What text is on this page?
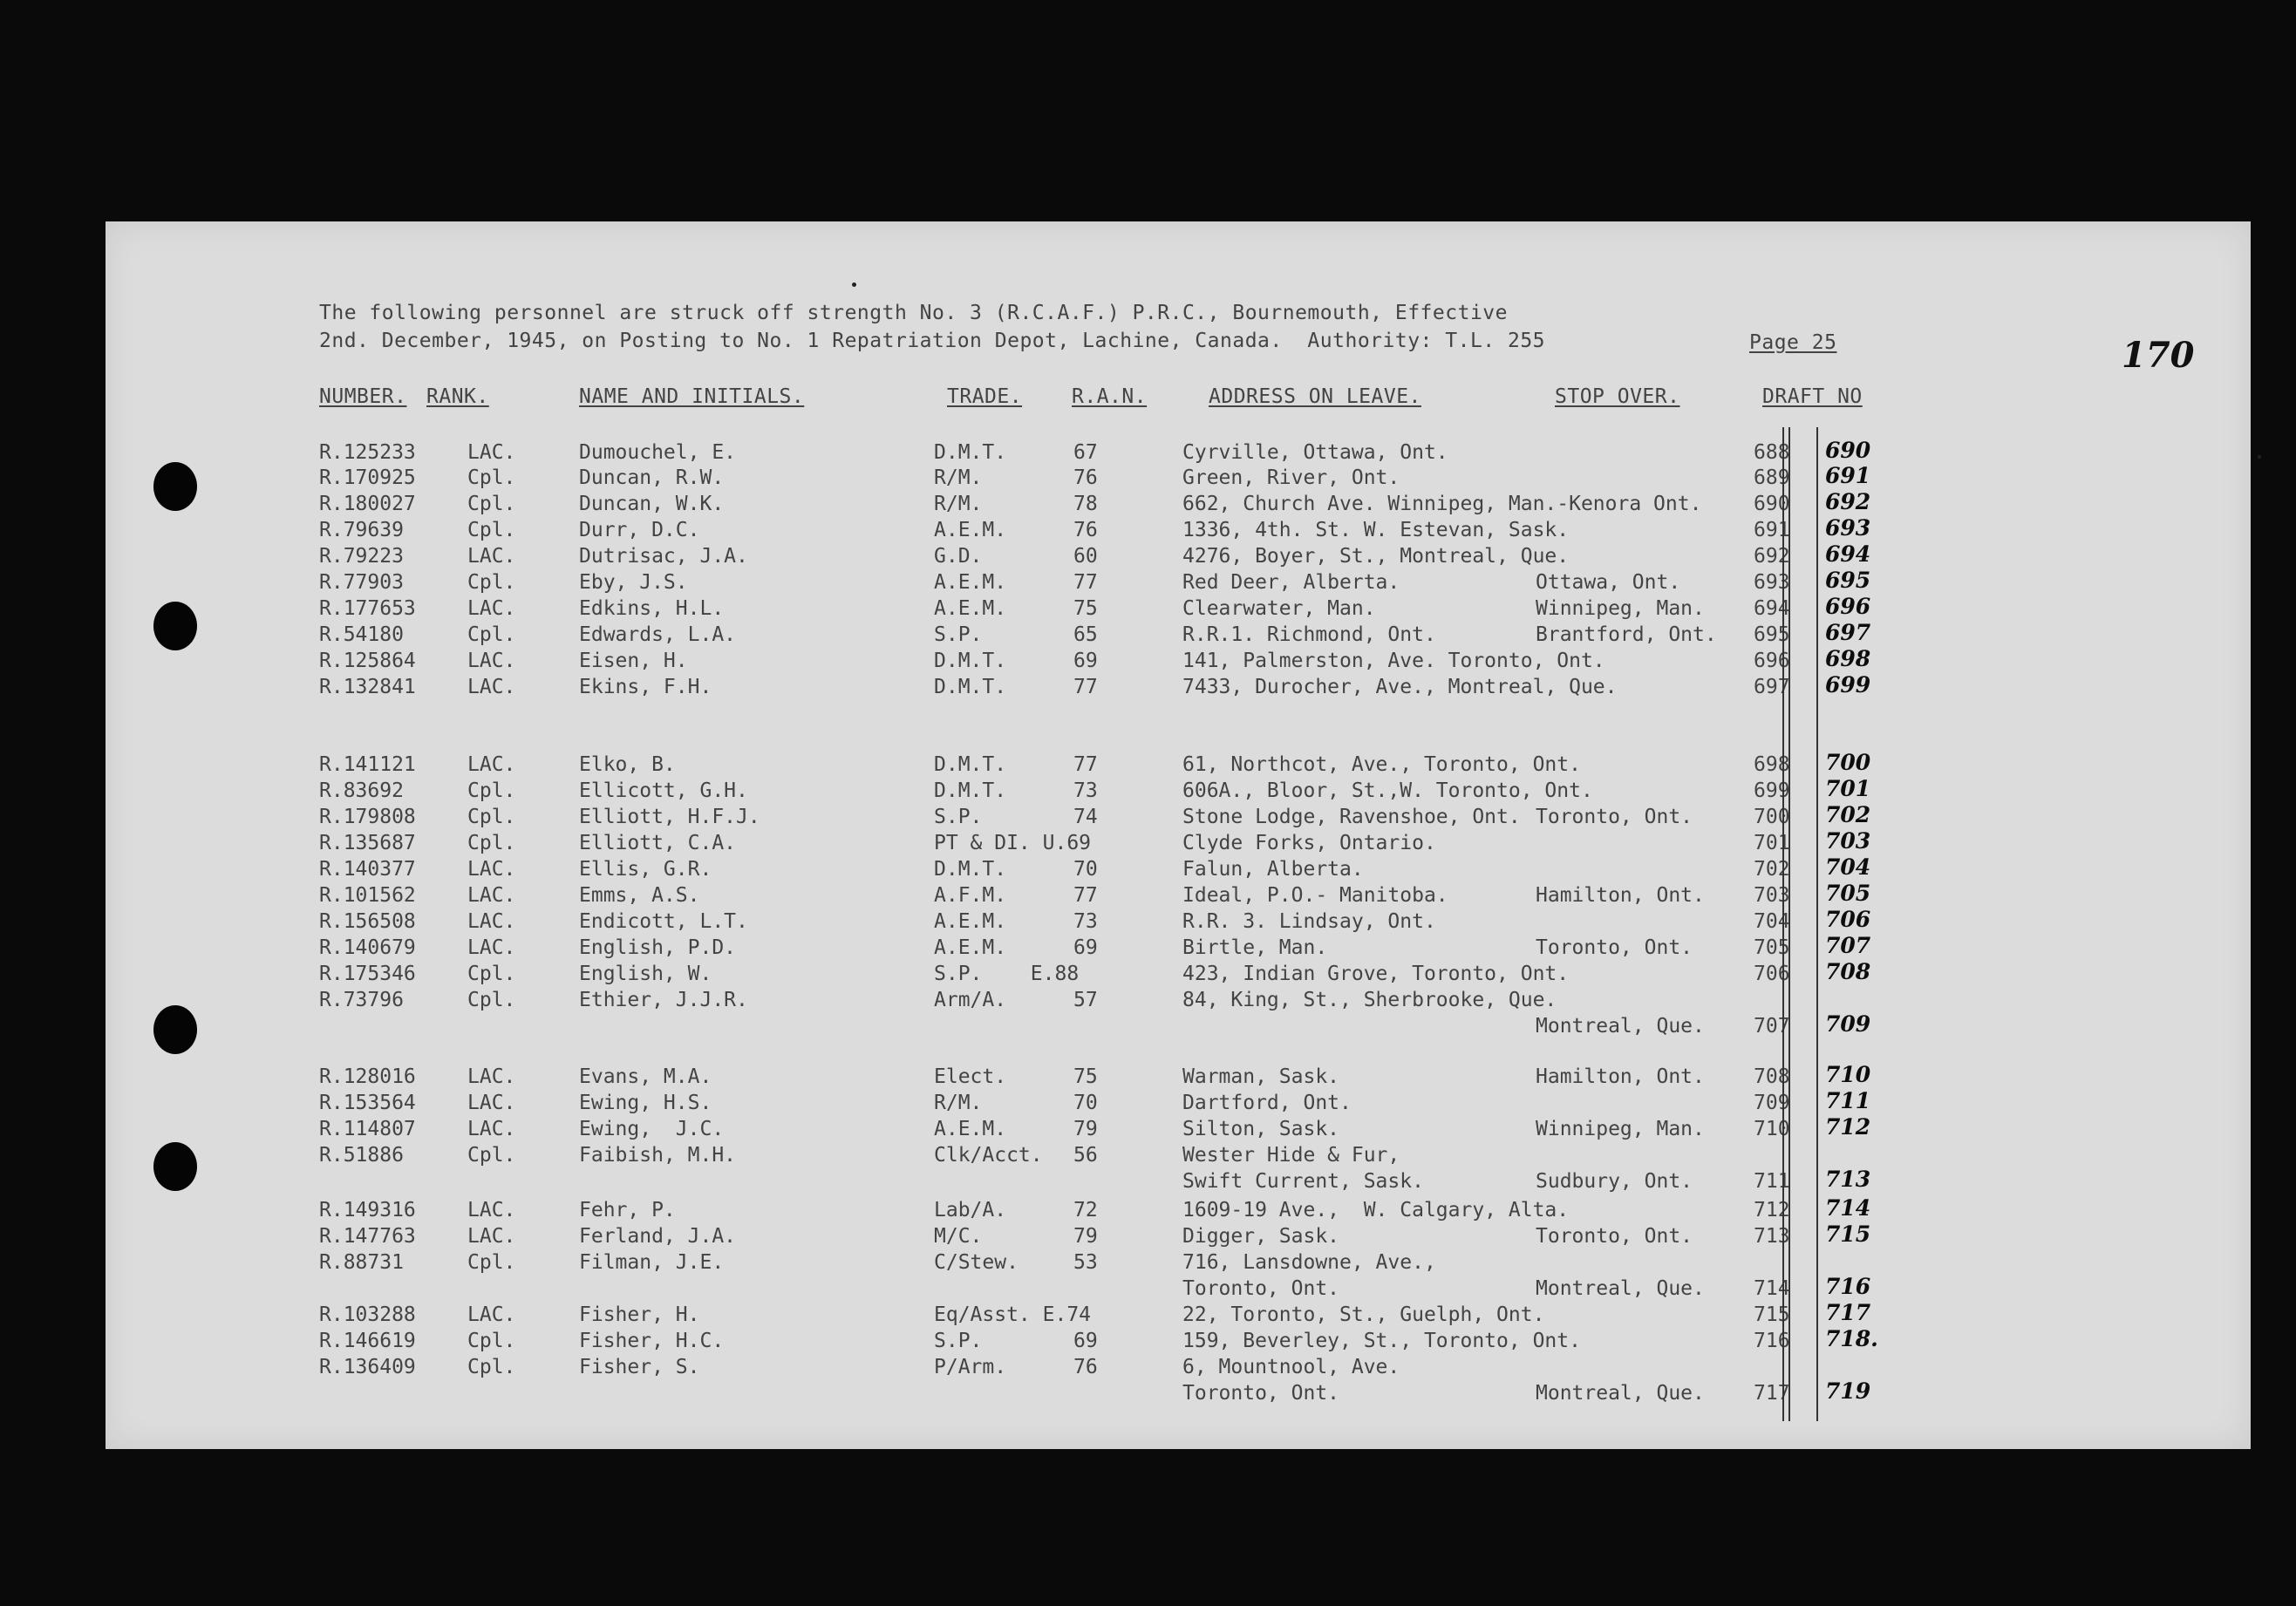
The following personnel are struck off strength No. 3 (R.C.A.F.) P.R.C., Bournemouth, Effective
2nd. December, 1945, on Posting to No. 1 Repatriation Depot, Lachine, Canada.  Authority: T.L. 255	Page 25	170
NUMBER. RANK.	NAME AND INITIALS.	TRADE. R.A.N.	ADDRESS ON LEAVE.	STOP OVER.	DRAFT NO
R.125233	LAC.	Dumouchel, E.	D.M.T.	67	Cyrville, Ottawa, Ont.	688 690
R.170925	Cpl.	Duncan, R.W.	R/M.	76	Green, River, Ont.	689 691
R.180027	Cpl.	Duncan, W.K.	R/M.	78	662, Church Ave. Winnipeg, Man.-Kenora Ont.	690 692
R.79639	Cpl.	Durr, D.C.	A.E.M.	76	1336, 4th. St. W. Estevan, Sask.	691 693
R.79223	LAC.	Dutrisac, J.A.	G.D.	60	4276, Boyer, St., Montreal, Que.	692 694
R.77903	Cpl.	Eby, J.S.	A.E.M.	77	Red Deer, Alberta.	Ottawa, Ont.	693 695
R.177653	LAC.	Edkins, H.L.	A.E.M.	75	Clearwater, Man.	Winnipeg, Man. 694 696
R.54180	Cpl.	Edwards, L.A.	S.P.	65	R.R.1. Richmond, Ont.	Brantford, Ont. 695 697
R.125864	LAC.	Eisen, H.	D.M.T.	69	141, Palmerston, Ave. Toronto, Ont.	696 698
R.132841	LAC.	Ekins, F.H.	D.M.T.	77	7433, Durocher, Ave., Montreal, Que.	697 699
R.141121	LAC.	Elko, B.	D.M.T.	77	61, Northcot, Ave., Toronto, Ont.	698 700
R.83692	Cpl.	Ellicott, G.H.	D.M.T.	73	606A., Bloor, St.,W. Toronto, Ont.	699 701
R.179808	Cpl.	Elliott, H.F.J.	S.P.	74	Stone Lodge, Ravenshoe, Ont. Toronto, Ont.	700 702
R.135687	Cpl.	Elliott, C.A.	PT & DI. U.69	Clyde Forks, Ontario.	701 703
R.140377	LAC.	Ellis, G.R.	D.M.T.	70	Falun, Alberta.	702 704
R.101562	LAC.	Emms, A.S.	A.F.M.	77	Ideal, P.O.- Manitoba.	Hamilton, Ont. 703 705
R.156508	LAC.	Endicott, L.T.	A.E.M.	73	R.R. 3. Lindsay, Ont.	704 706
R.140679	LAC.	English, P.D.	A.E.M.	69	Birtle, Man.	Toronto, Ont.	705 707
R.175346	Cpl.	English, W.	S.P.    E.88	423, Indian Grove, Toronto, Ont.	706 708
R.73796	Cpl.	Ethier, J.J.R.	Arm/A.	57	84, King, St., Sherbrooke, Que.
Montreal, Que. 707 709
R.128016	LAC.	Evans, M.A.	Elect.	75	Warman, Sask.	Hamilton, Ont. 708 710
R.153564	LAC.	Ewing, H.S.	R/M.	70	Dartford, Ont.	709 711
R.114807	LAC.	Ewing,  J.C.	A.E.M.	79	Silton, Sask.	Winnipeg, Man. 710 712
R.51886	Cpl.	Faibish, M.H.	Clk/Acct. 56	Wester Hide & Fur,
Swift Current, Sask.	Sudbury, Ont.	711 713
R.149316	LAC.	Fehr, P.	Lab/A.	72	1609-19 Ave.,  W. Calgary, Alta.	712 714
R.147763	LAC.	Ferland, J.A.	M/C.	79	Digger, Sask.	Toronto, Ont.	713 715
R.88731	Cpl.	Filman, J.E.	C/Stew.	53	716, Lansdowne, Ave.,
Toronto, Ont.	Montreal, Que. 714 716
R.103288	LAC.	Fisher, H.	Eq/Asst. E.74	22, Toronto, St., Guelph, Ont.	715 717
R.146619	Cpl.	Fisher, H.C.	S.P.	69	159, Beverley, St., Toronto, Ont.	716 718.
R.136409	Cpl.	Fisher, S.	P/Arm.	76	6, Mountnool, Ave.
Toronto, Ont.	Montreal, Que. 717 719
